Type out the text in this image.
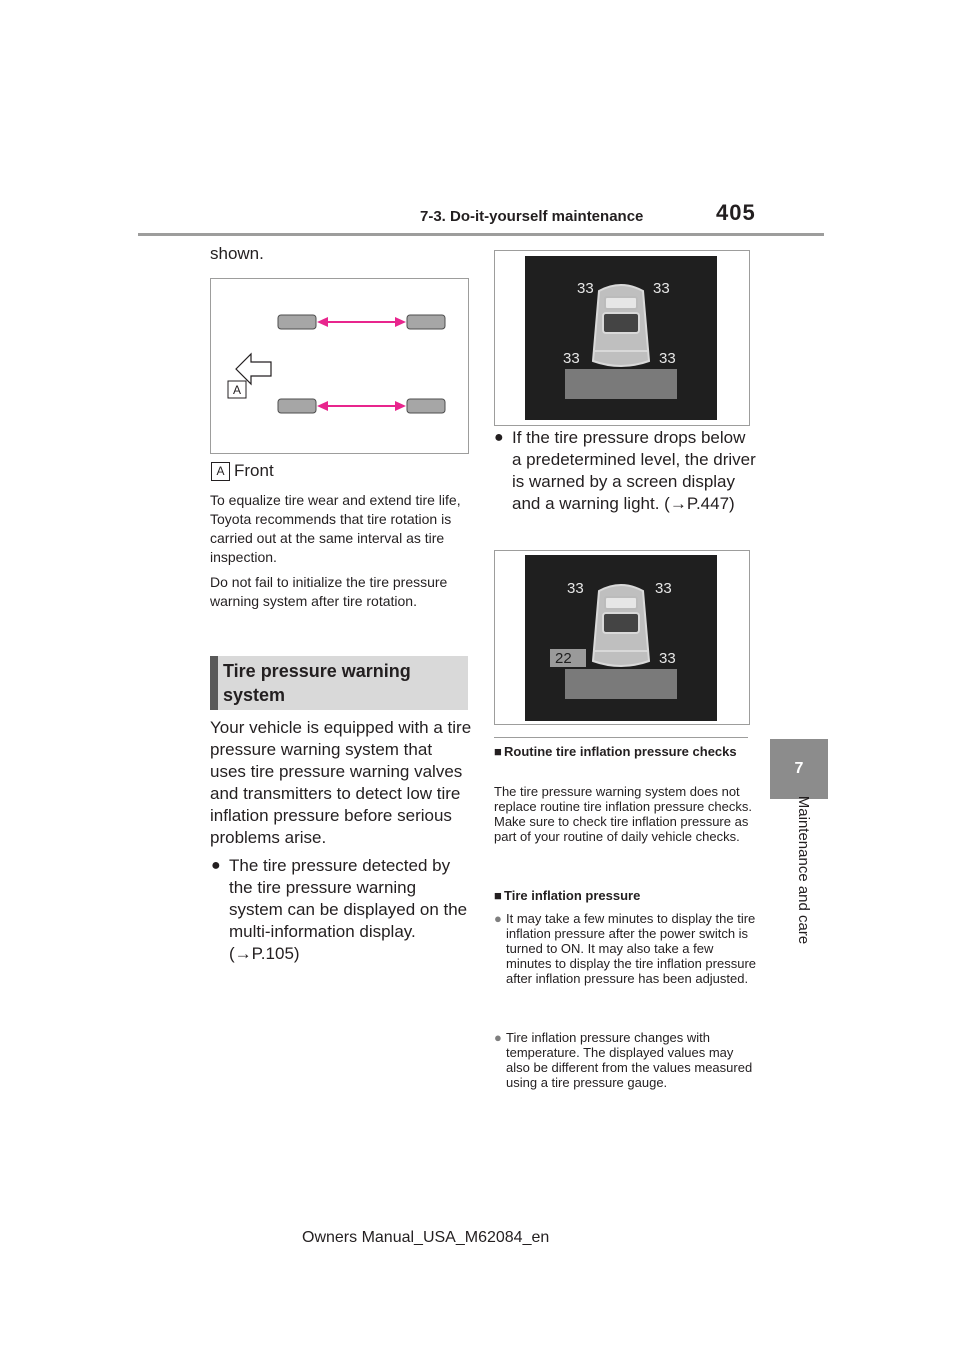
7-3. Do-it-yourself maintenance	405
7
Maintenance and care
shown.
A
A Front
To equalize tire wear and extend tire life, Toyota recommends that tire rotation is carried out at the same interval as tire inspection.
Do not fail to initialize the tire pressure warning system after tire rotation.
Tire pressure warning system
Your vehicle is equipped with a tire pressure warning system that uses tire pressure warning valves and transmitters to detect low tire inflation pressure before serious problems arise.
● The tire pressure detected by the tire pressure warning system can be displayed on the multi-information display. (→P.105)
33	33
33	33
● If the tire pressure drops below a predetermined level, the driver is warned by a screen display and a warning light. (→P.447)
33	33
22	33
■ Routine tire inflation pressure checks
The tire pressure warning system does not replace routine tire inflation pressure checks. Make sure to check tire inflation pressure as part of your routine of daily vehicle checks.
■ Tire inflation pressure
● It may take a few minutes to display the tire inflation pressure after the power switch is turned to ON. It may also take a few minutes to display the tire inflation pressure after inflation pressure has been adjusted.
● Tire inflation pressure changes with temperature. The displayed values may also be different from the values measured using a tire pressure gauge.
Owners Manual_USA_M62084_en
